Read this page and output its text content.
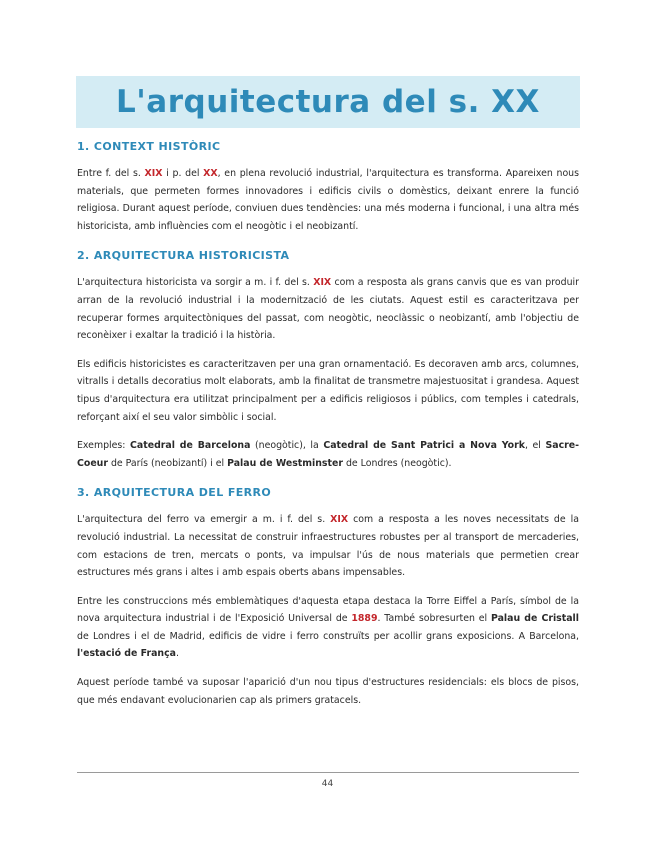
L'arquitectura del s. XX
1. CONTEXT HISTÒRIC

Entre f. del s. XIX i p. del XX, en plena revolució industrial, l'arquitectura es transforma. Apareixen nous materials, que permeten formes innovadores i edificis civils o domèstics, deixant enrere la funció religiosa. Durant aquest període, conviuen dues tendències: una més moderna i funcional, i una altra més historicista, amb influències com el neogòtic i el neobizantí.

2. ARQUITECTURA HISTORICISTA

L'arquitectura historicista va sorgir a m. i f. del s. XIX com a resposta als grans canvis que es van produir arran de la revolució industrial i la modernització de les ciutats. Aquest estil es caracteritzava per recuperar formes arquitectòniques del passat, com neogòtic, neoclàssic o neobizantí, amb l'objectiu de reconèixer i exaltar la tradició i la història.

Els edificis historicistes es caracteritzaven per una gran ornamentació. Es decoraven amb arcs, columnes, vitralls i detalls decoratius molt elaborats, amb la finalitat de transmetre majestuositat i grandesa. Aquest tipus d'arquitectura era utilitzat principalment per a edificis religiosos i públics, com temples i catedrals, reforçant així el seu valor simbòlic i social.

Exemples: Catedral de Barcelona (neogòtic), la Catedral de Sant Patrici a Nova York, el Sacre-Coeur de París (neobizantí) i el Palau de Westminster de Londres (neogòtic).

3. ARQUITECTURA DEL FERRO

L'arquitectura del ferro va emergir a m. i f. del s. XIX com a resposta a les noves necessitats de la revolució industrial. La necessitat de construir infraestructures robustes per al transport de mercaderies, com estacions de tren, mercats o ponts, va impulsar l'ús de nous materials que permetien crear estructures més grans i altes i amb espais oberts abans impensables.

Entre les construccions més emblemàtiques d'aquesta etapa destaca la Torre Eiffel a París, símbol de la nova arquitectura industrial i de l'Exposició Universal de 1889. També sobresurten el Palau de Cristall de Londres i el de Madrid, edificis de vidre i ferro construïts per acollir grans exposicions. A Barcelona, l'estació de França.

Aquest període també va suposar l'aparició d'un nou tipus d'estructures residencials: els blocs de pisos, que més endavant evolucionarien cap als primers gratacels.

44
